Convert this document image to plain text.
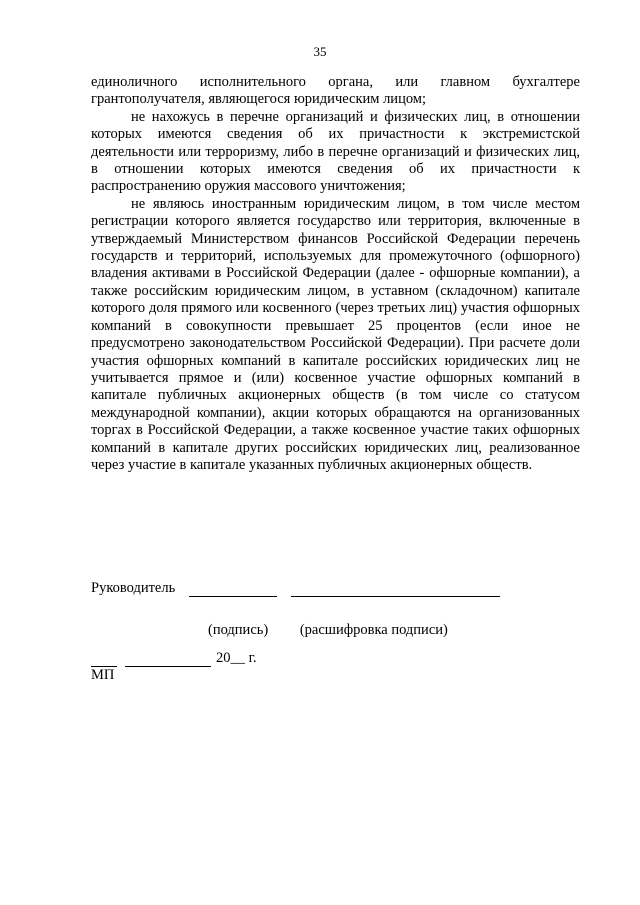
35

единоличного исполнительного органа, или главном бухгалтере грантополучателя, являющегося юридическим лицом;

не нахожусь в перечне организаций и физических лиц, в отношении которых имеются сведения об их причастности к экстремистской деятельности или терроризму, либо в перечне организаций и физических лиц, в отношении которых имеются сведения об их причастности к распространению оружия массового уничтожения;

не являюсь иностранным юридическим лицом, в том числе местом регистрации которого является государство или территория, включенные в утверждаемый Министерством финансов Российской Федерации перечень государств и территорий, используемых для промежуточного (офшорного) владения активами в Российской Федерации (далее - офшорные компании), а также российским юридическим лицом, в уставном (складочном) капитале которого доля прямого или косвенного (через третьих лиц) участия офшорных компаний в совокупности превышает 25 процентов (если иное не предусмотрено законодательством Российской Федерации). При расчете доли участия офшорных компаний в капитале российских юридических лиц не учитывается прямое и (или) косвенное участие офшорных компаний в капитале публичных акционерных обществ (в том числе со статусом международной компании), акции которых обращаются на организованных торгах в Российской Федерации, а также косвенное участие таких офшорных компаний в капитале других российских юридических лиц, реализованное через участие в капитале указанных публичных акционерных обществ.

Руководитель
(подпись) (расшифровка подписи)
20__ г.
МП
